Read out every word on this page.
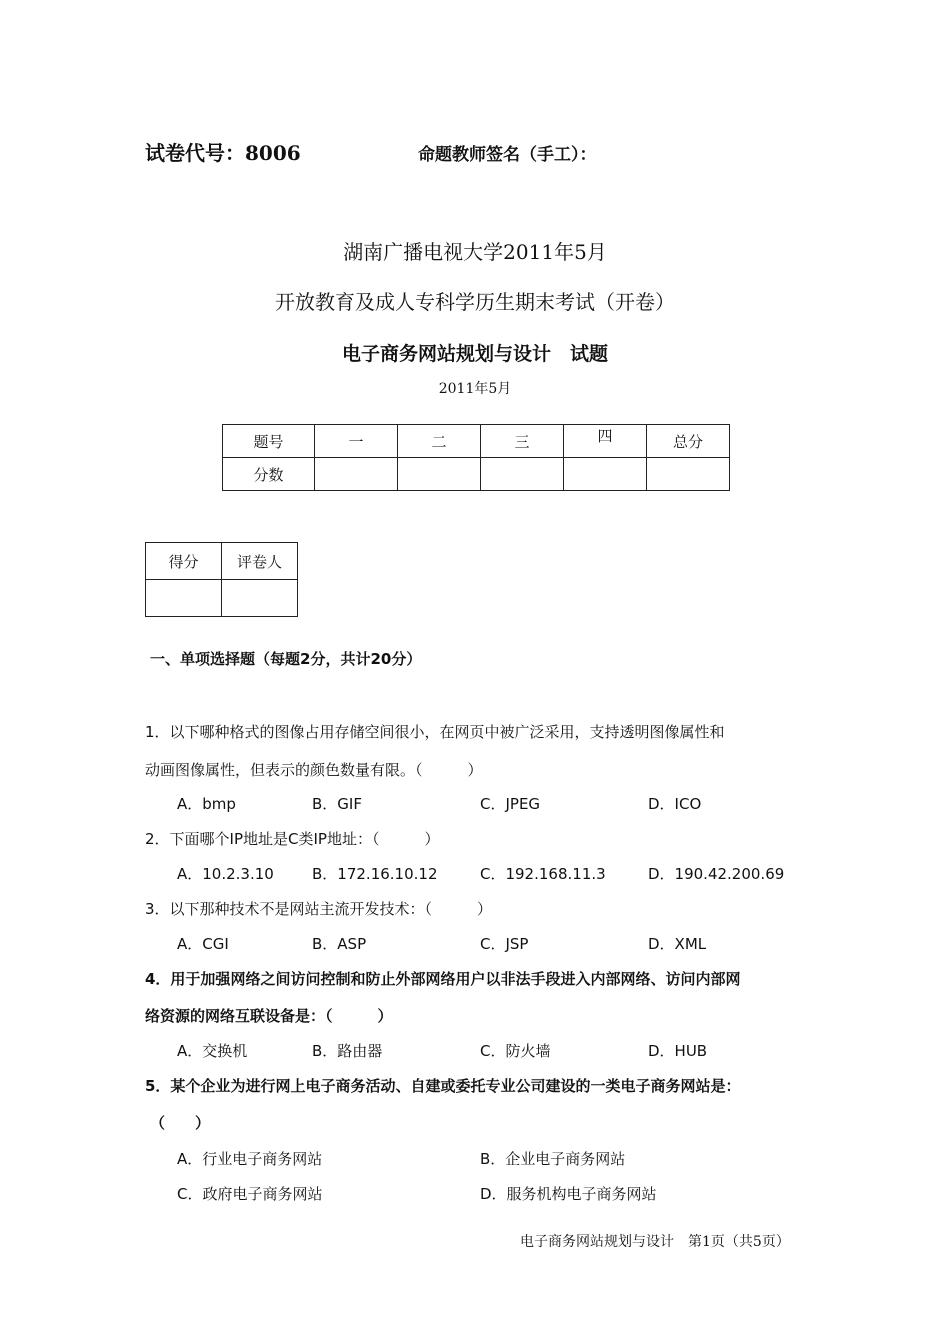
试卷代号：8006	命题教师签名（手工）：
湖南广播电视大学2011年5月
开放教育及成人专科学历生期末考试（开卷）
电子商务网站规划与设计　试题
2011年5月
题号	一	二	三	四	总分
分数					
得分	评卷人

一、单项选择题（每题2分，共计20分）
1．以下哪种格式的图像占用存储空间很小，在网页中被广泛采用，支持透明图像属性和
动画图像属性，但表示的颜色数量有限。（　　　）
A．bmp	B．GIF	C．JPEG	D．ICO
2．下面哪个IP地址是C类IP地址：（　　　）
A．10.2.3.10	B．172.16.10.12	C．192.168.11.3	D．190.42.200.69
3．以下那种技术不是网站主流开发技术：（　　　）
A．CGI	B．ASP	C．JSP	D．XML
4．用于加强网络之间访问控制和防止外部网络用户以非法手段进入内部网络、访问内部网
络资源的网络互联设备是：（　　　）
A．交换机	B．路由器	C．防火墙	D．HUB
5．某个企业为进行网上电子商务活动、自建或委托专业公司建设的一类电子商务网站是：
（　　）
A．行业电子商务网站	B．企业电子商务网站
C．政府电子商务网站	D．服务机构电子商务网站
电子商务网站规划与设计　第1页（共5页）
